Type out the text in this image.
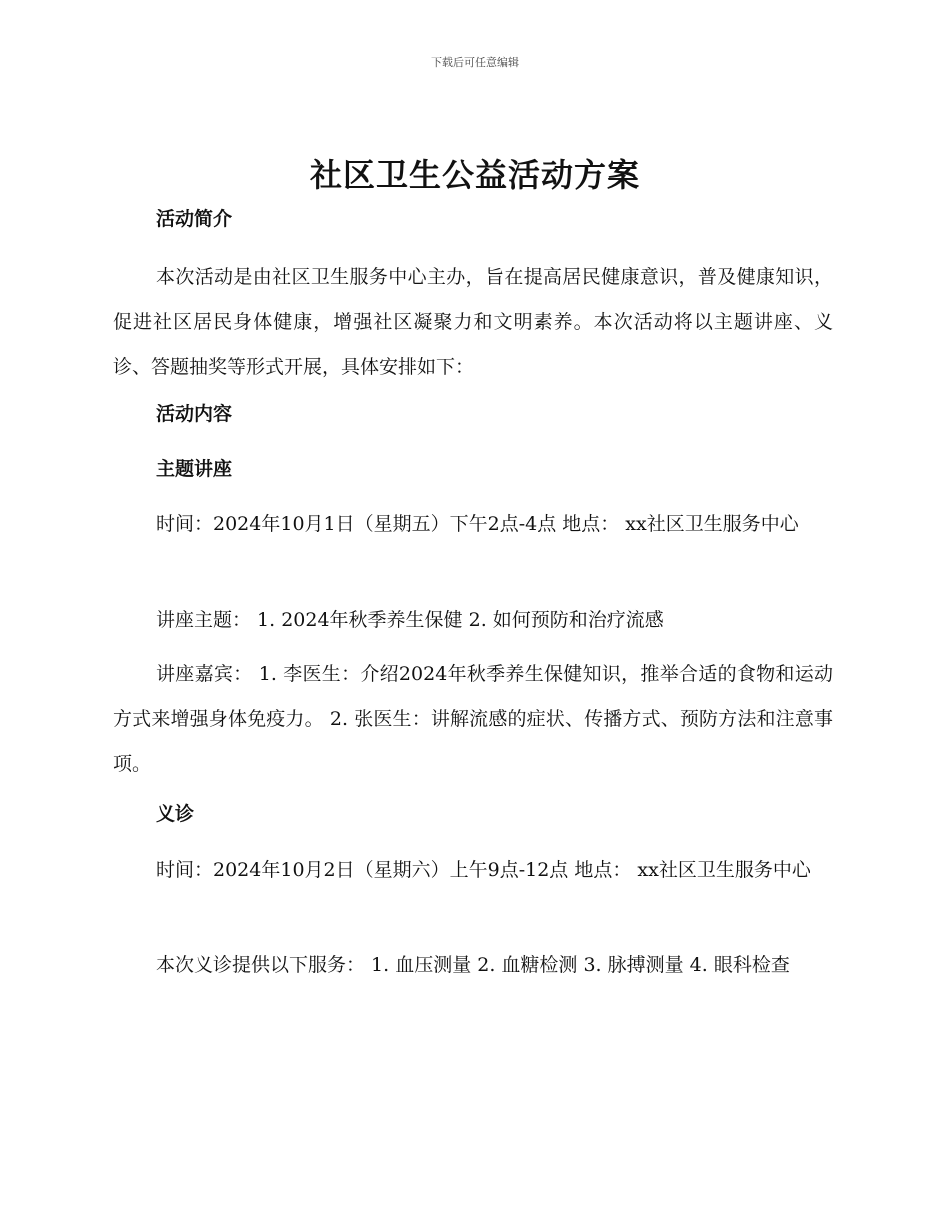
下载后可任意编辑
社区卫生公益活动方案
活动简介

本次活动是由社区卫生服务中心主办，旨在提高居民健康意识，普及健康知识，促进社区居民身体健康，增强社区凝聚力和文明素养。本次活动将以主题讲座、义诊、答题抽奖等形式开展，具体安排如下：

活动内容
主题讲座

时间：2024年10月1日（星期五）下午2点-4点 地点： xx社区卫生服务中心

讲座主题： 1. 2024年秋季养生保健 2. 如何预防和治疗流感

讲座嘉宾： 1. 李医生：介绍2024年秋季养生保健知识，推举合适的食物和运动方式来增强身体免疫力。 2. 张医生：讲解流感的症状、传播方式、预防方法和注意事项。

义诊

时间：2024年10月2日（星期六）上午9点-12点 地点： xx社区卫生服务中心

本次义诊提供以下服务： 1. 血压测量 2. 血糖检测 3. 脉搏测量 4. 眼科检查
